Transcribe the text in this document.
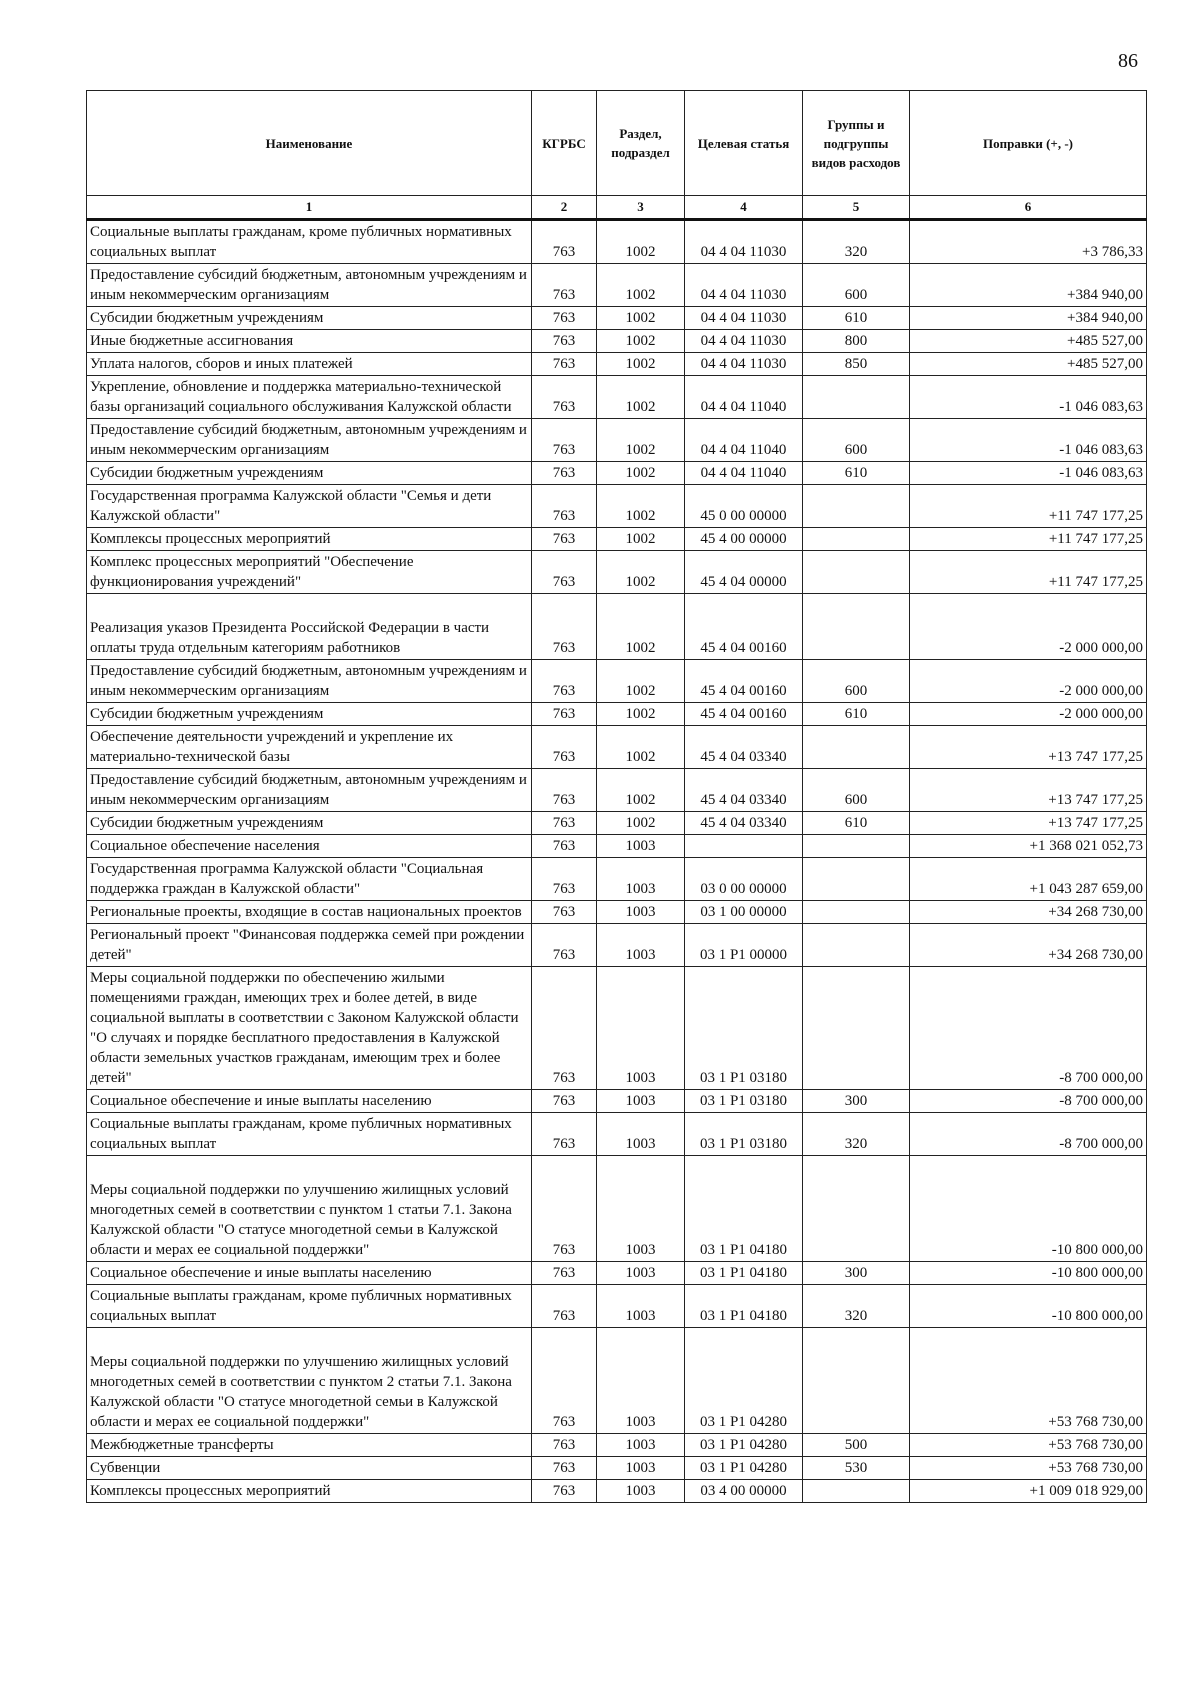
86
Наименование	КГРБС	Раздел, подраздел	Целевая статья	Группы и подгруппы видов расходов	Поправки (+, -)
1	2	3	4	5	6
Социальные выплаты гражданам, кроме публичных нормативных социальных выплат	763	1002	04 4 04 11030	320	+3 786,33
Предоставление субсидий бюджетным, автономным учреждениям и иным некоммерческим организациям	763	1002	04 4 04 11030	600	+384 940,00
Субсидии бюджетным учреждениям	763	1002	04 4 04 11030	610	+384 940,00
Иные бюджетные ассигнования	763	1002	04 4 04 11030	800	+485 527,00
Уплата налогов, сборов и иных платежей	763	1002	04 4 04 11030	850	+485 527,00
Укрепление, обновление и поддержка материально-технической базы организаций социального обслуживания Калужской области	763	1002	04 4 04 11040		-1 046 083,63
Предоставление субсидий бюджетным, автономным учреждениям и иным некоммерческим организациям	763	1002	04 4 04 11040	600	-1 046 083,63
Субсидии бюджетным учреждениям	763	1002	04 4 04 11040	610	-1 046 083,63
Государственная программа Калужской области "Семья и дети Калужской области"	763	1002	45 0 00 00000		+11 747 177,25
Комплексы процессных мероприятий	763	1002	45 4 00 00000		+11 747 177,25
Комплекс процессных мероприятий "Обеспечение функционирования учреждений"	763	1002	45 4 04 00000		+11 747 177,25
Реализация указов Президента Российской Федерации в части оплаты труда отдельным категориям работников	763	1002	45 4 04 00160		-2 000 000,00
Предоставление субсидий бюджетным, автономным учреждениям и иным некоммерческим организациям	763	1002	45 4 04 00160	600	-2 000 000,00
Субсидии бюджетным учреждениям	763	1002	45 4 04 00160	610	-2 000 000,00
Обеспечение деятельности учреждений и укрепление их материально-технической базы	763	1002	45 4 04 03340		+13 747 177,25
Предоставление субсидий бюджетным, автономным учреждениям и иным некоммерческим организациям	763	1002	45 4 04 03340	600	+13 747 177,25
Субсидии бюджетным учреждениям	763	1002	45 4 04 03340	610	+13 747 177,25
Социальное обеспечение населения	763	1003			+1 368 021 052,73
Государственная программа Калужской области "Социальная поддержка граждан в Калужской области"	763	1003	03 0 00 00000		+1 043 287 659,00
Региональные проекты, входящие в состав национальных проектов	763	1003	03 1 00 00000		+34 268 730,00
Региональный проект "Финансовая поддержка семей при рождении детей"	763	1003	03 1 P1 00000		+34 268 730,00
Меры социальной поддержки по обеспечению жилыми помещениями граждан, имеющих трех и более детей, в виде социальной выплаты в соответствии с Законом Калужской области "О случаях и порядке бесплатного предоставления в Калужской области земельных участков гражданам, имеющим трех и более детей"	763	1003	03 1 P1 03180		-8 700 000,00
Социальное обеспечение и иные выплаты населению	763	1003	03 1 P1 03180	300	-8 700 000,00
Социальные выплаты гражданам, кроме публичных нормативных социальных выплат	763	1003	03 1 P1 03180	320	-8 700 000,00
Меры социальной поддержки по улучшению жилищных условий многодетных семей в соответствии с пунктом 1 статьи 7.1. Закона Калужской области "О статусе многодетной семьи в Калужской области и мерах ее социальной поддержки"	763	1003	03 1 P1 04180		-10 800 000,00
Социальное обеспечение и иные выплаты населению	763	1003	03 1 P1 04180	300	-10 800 000,00
Социальные выплаты гражданам, кроме публичных нормативных социальных выплат	763	1003	03 1 P1 04180	320	-10 800 000,00
Меры социальной поддержки по улучшению жилищных условий многодетных семей в соответствии с пунктом 2 статьи 7.1. Закона Калужской области "О статусе многодетной семьи в Калужской области и мерах ее социальной поддержки"	763	1003	03 1 P1 04280		+53 768 730,00
Межбюджетные трансферты	763	1003	03 1 P1 04280	500	+53 768 730,00
Субвенции	763	1003	03 1 P1 04280	530	+53 768 730,00
Комплексы процессных мероприятий	763	1003	03 4 00 00000		+1 009 018 929,00
